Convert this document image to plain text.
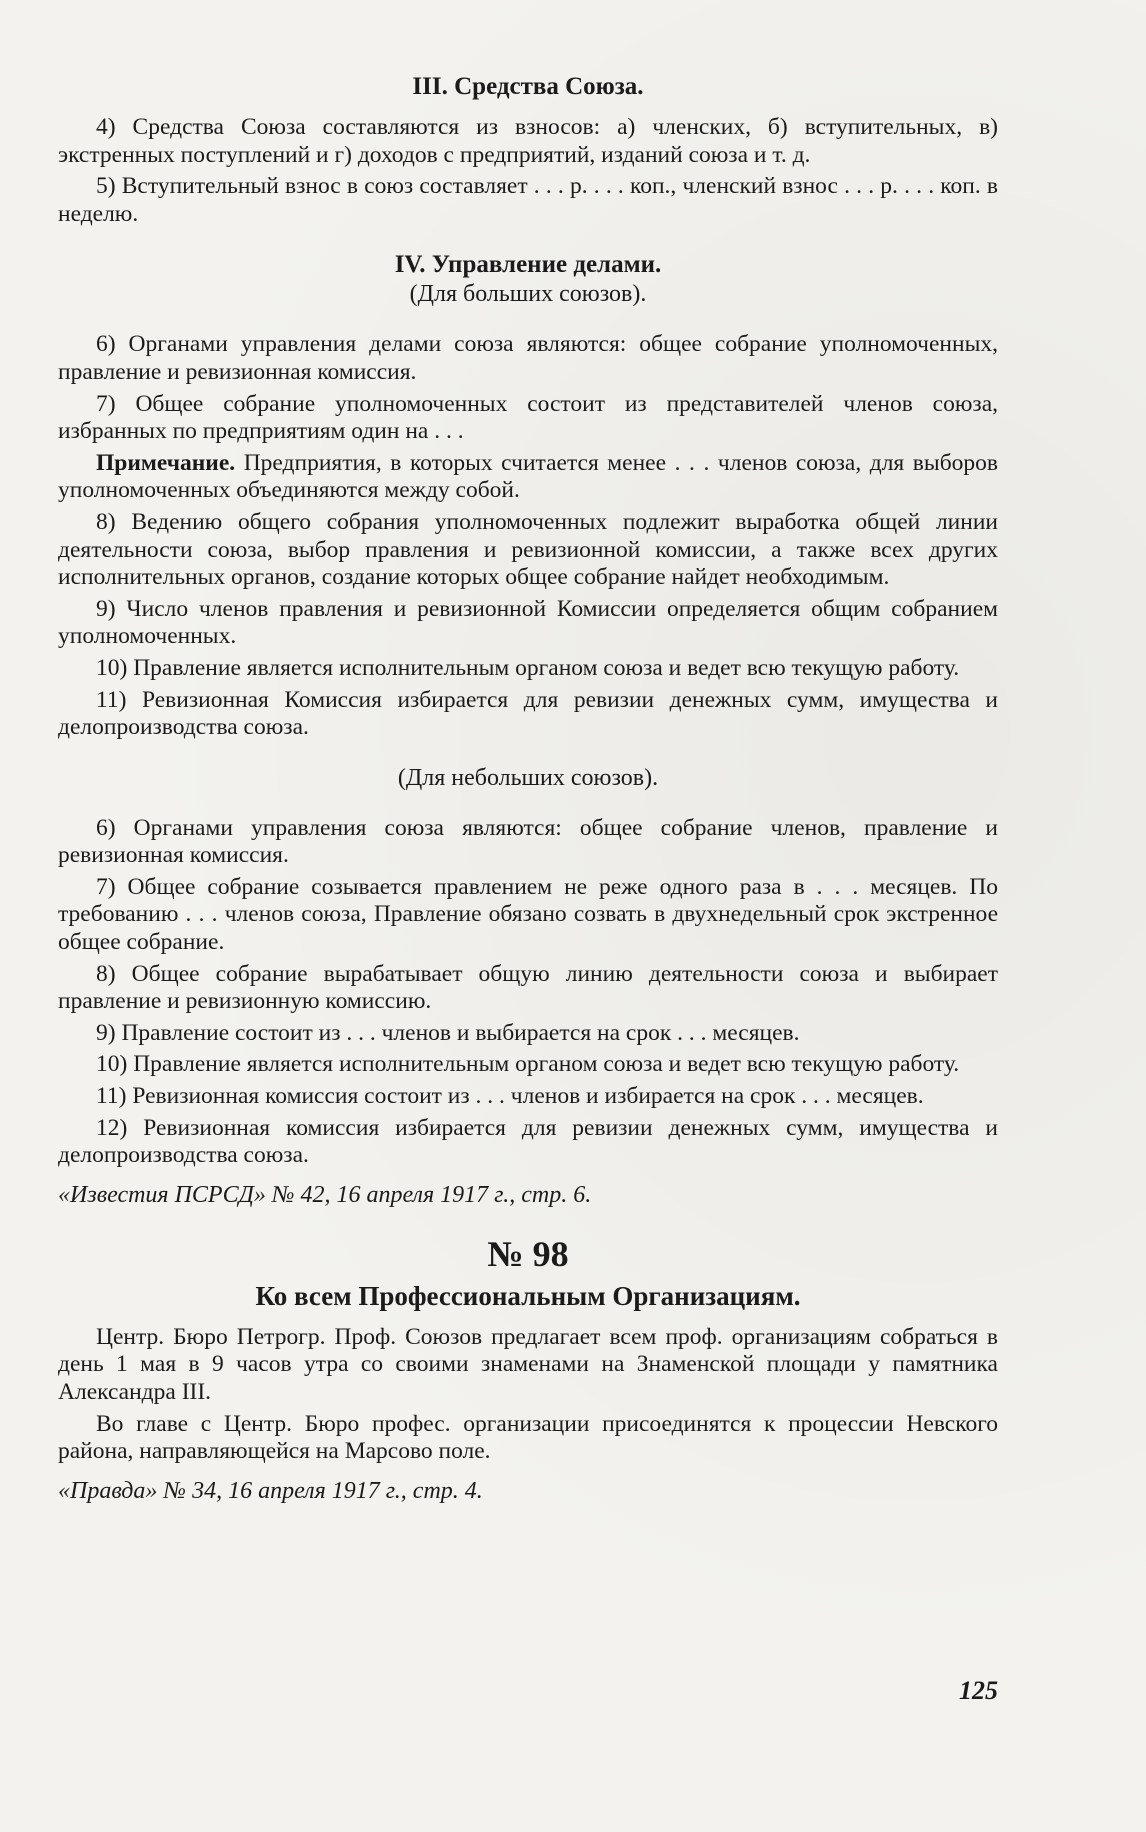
III. Средства Союза.

4) Средства Союза составляются из взносов: а) членских, б) вступительных, в) экстренных поступлений и г) доходов с предприятий, изданий союза и т. д.

5) Вступительный взнос в союз составляет . . . р. . . . коп., членский взнос . . . р. . . . коп. в неделю.

IV. Управление делами.
(Для больших союзов).

6) Органами управления делами союза являются: общее собрание уполномоченных, правление и ревизионная комиссия.

7) Общее собрание уполномоченных состоит из представителей членов союза, избранных по предприятиям один на . . .

Примечание. Предприятия, в которых считается менее . . . членов союза, для выборов уполномоченных объединяются между собой.

8) Ведению общего собрания уполномоченных подлежит выработка общей линии деятельности союза, выбор правления и ревизионной комиссии, а также всех других исполнительных органов, создание которых общее собрание найдет необходимым.

9) Число членов правления и ревизионной Комиссии определяется общим собранием уполномоченных.

10) Правление является исполнительным органом союза и ведет всю текущую работу.

11) Ревизионная Комиссия избирается для ревизии денежных сумм, имущества и делопроизводства союза.

(Для небольших союзов).

6) Органами управления союза являются: общее собрание членов, правление и ревизионная комиссия.

7) Общее собрание созывается правлением не реже одного раза в . . . месяцев. По требованию . . . членов союза, Правление обязано созвать в двухнедельный срок экстренное общее собрание.

8) Общее собрание вырабатывает общую линию деятельности союза и выбирает правление и ревизионную комиссию.

9) Правление состоит из . . . членов и выбирается на срок . . . месяцев.

10) Правление является исполнительным органом союза и ведет всю текущую работу.

11) Ревизионная комиссия состоит из . . . членов и избирается на срок . . . месяцев.

12) Ревизионная комиссия избирается для ревизии денежных сумм, имущества и делопроизводства союза.

«Известия ПСРСД» № 42, 16 апреля 1917 г., стр. 6.

№ 98
Ко всем Профессиональным Организациям.

Центр. Бюро Петрогр. Проф. Союзов предлагает всем проф. организациям собраться в день 1 мая в 9 часов утра со своими знаменами на Знаменской площади у памятника Александра III.

Во главе с Центр. Бюро профес. организации присоединятся к процессии Невского района, направляющейся на Марсово поле.

«Правда» № 34, 16 апреля 1917 г., стр. 4.

125
